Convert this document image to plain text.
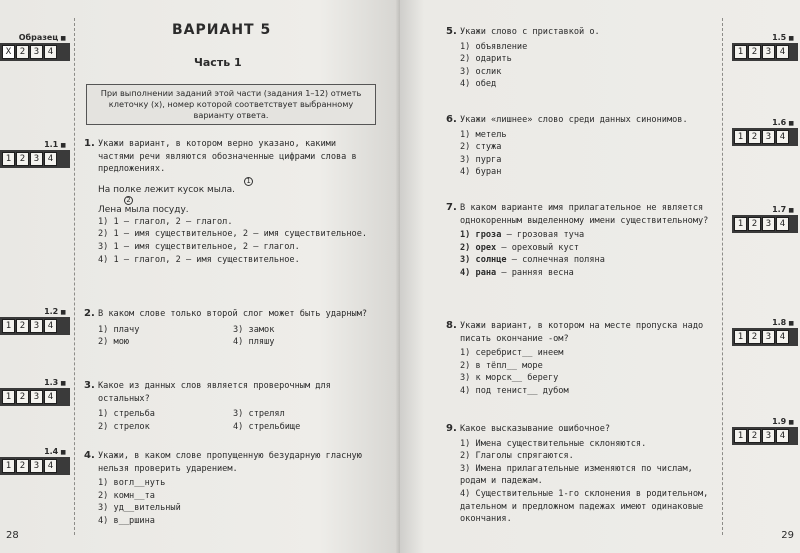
Образец ■
X 2 3 4
1.1 ■
1 2 3 4
1.2 ■
1 2 3 4
1.3 ■
1 2 3 4
1.4 ■
1 2 3 4
ВАРИАНТ 5
Часть 1
При выполнении заданий этой части (задания 1–12) отметь клеточку (х), номер которой соответствует выбранному варианту ответа.
1. Укажи вариант, в котором верно указано, какими частями речи являются обозначенные цифрами слова в предложениях.

1
На полке лежит кусок мыла.
2
Лена мыла посуду.

1) 1 — глагол, 2 — глагол.

2) 1 — имя существительное, 2 — имя существительное.

3) 1 — имя существительное, 2 — глагол.

4) 1 — глагол, 2 — имя существительное.

2. В каком слове только второй слог может быть ударным?

1) плачу

2) мою

3) замок

4) пляшу

3. Какое из данных слов является проверочным для остальных?

1) стрельба

2) стрелок

3) стрелял

4) стрельбище

4. Укажи, в каком слове пропущенную безударную гласную нельзя проверить ударением.

1) вогл__нуть

2) комн__та

3) уд__вительный

4) в__ршина

28
1.5 ■
1 2 3 4
1.6 ■
1 2 3 4
1.7 ■
1 2 3 4
1.8 ■
1 2 3 4
1.9 ■
1 2 3 4
5. Укажи слово с приставкой о.

1) объявление

2) одарить

3) ослик

4) обед

6. Укажи «лишнее» слово среди данных синонимов.

1) метель

2) стужа

3) пурга

4) буран

7. В каком варианте имя прилагательное не является однокоренным выделенному имени существительному?

1) гроза — грозовая туча

2) орех — ореховый куст

3) солнце — солнечная поляна

4) рана — ранняя весна

8. Укажи вариант, в котором на месте пропуска надо писать окончание -ом?

1) серебрист__ инеем

2) в тёпл__ море

3) к морск__ берегу

4) под тенист__ дубом

9. Какое высказывание ошибочное?

1) Имена существительные склоняются.

2) Глаголы спрягаются.

3) Имена прилагательные изменяются по числам, родам и падежам.

4) Существительные 1-го склонения в родительном, дательном и предложном падежах имеют одинаковые окончания.

29
